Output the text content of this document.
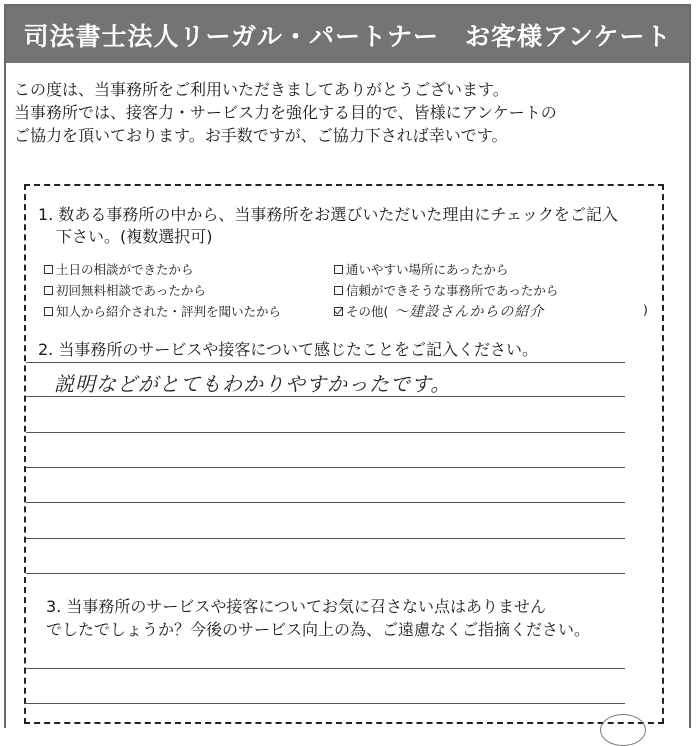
司法書士法人リーガル・パートナー　お客様アンケート

この度は、当事務所をご利用いただきましてありがとうございます。

当事務所では、接客力・サービス力を強化する目的で、皆様にアンケートの

ご協力を頂いております。お手数ですが、ご協力下されば幸いです。

1. 数ある事務所の中から、当事務所をお選びいただいた理由にチェックをご記入
下さい。(複数選択可)
土日の相談ができたから	通いやすい場所にあったから
初回無料相談であったから	信頼ができそうな事務所であったから
知人から紹介された・評判を聞いたから	その他( 〜建設さんからの紹介	)
2. 当事務所のサービスや接客について感じたことをご記入ください。
説明などがとてもわかりやすかったです。
3. 当事務所のサービスや接客についてお気に召さない点はありません
でしたでしょうか？今後のサービス向上の為、ご遠慮なくご指摘ください。
